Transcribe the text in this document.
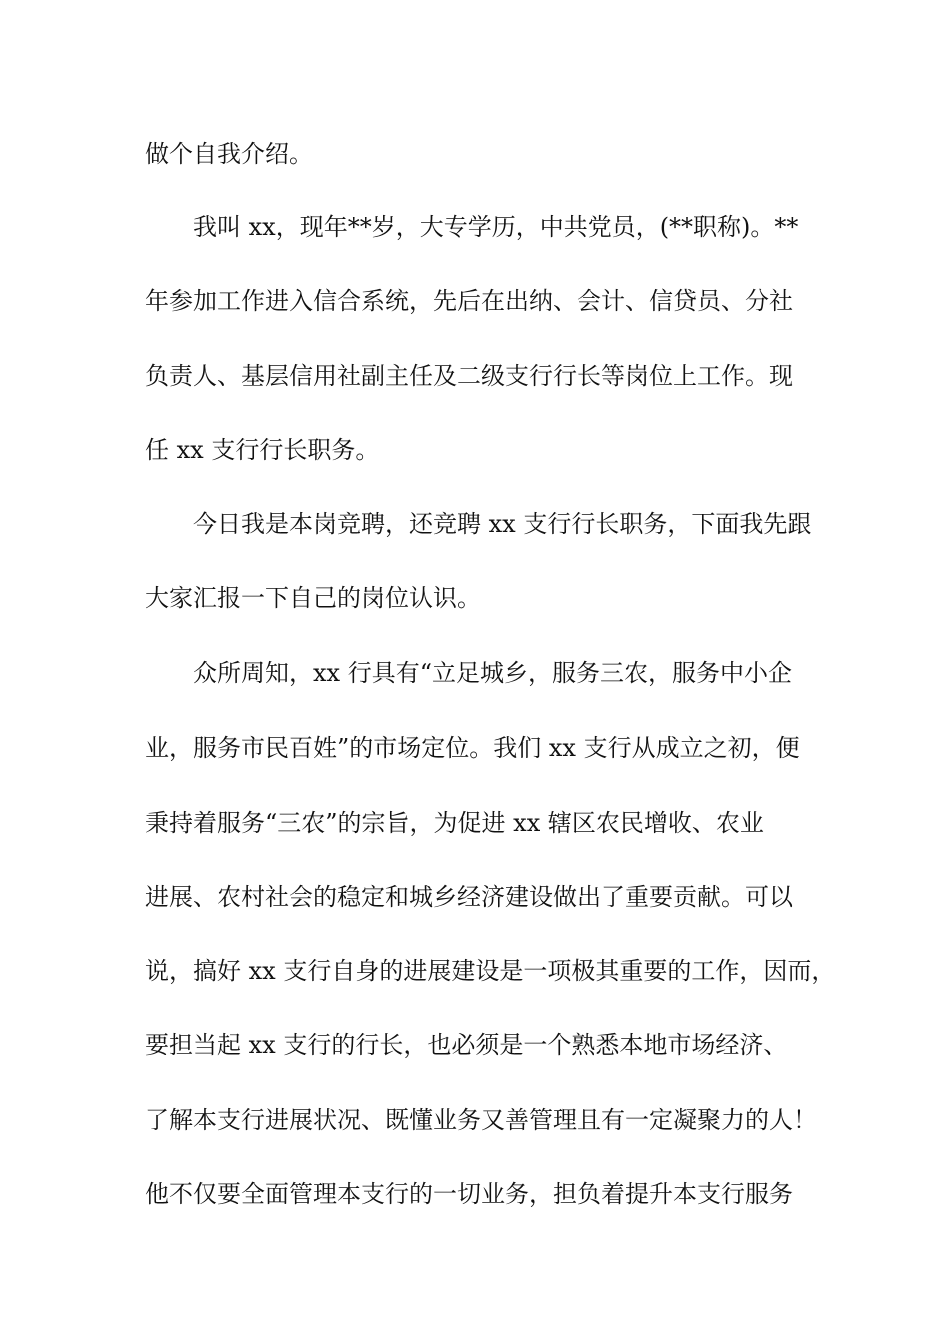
做个自我介绍。
我叫 xx，现年**岁，大专学历，中共党员，(**职称)。**
年参加工作进入信合系统，先后在出纳、会计、信贷员、分社
负责人、基层信用社副主任及二级支行行长等岗位上工作。现
任 xx 支行行长职务。
今日我是本岗竞聘，还竞聘 xx 支行行长职务，下面我先跟
大家汇报一下自己的岗位认识。
众所周知，xx 行具有“立足城乡，服务三农，服务中小企
业，服务市民百姓”的市场定位。我们 xx 支行从成立之初，便
秉持着服务“三农”的宗旨，为促进 xx 辖区农民增收、农业
进展、农村社会的稳定和城乡经济建设做出了重要贡献。可以
说，搞好 xx 支行自身的进展建设是一项极其重要的工作，因而，
要担当起 xx 支行的行长，也必须是一个熟悉本地市场经济、
了解本支行进展状况、既懂业务又善管理且有一定凝聚力的人！
他不仅要全面管理本支行的一切业务，担负着提升本支行服务
